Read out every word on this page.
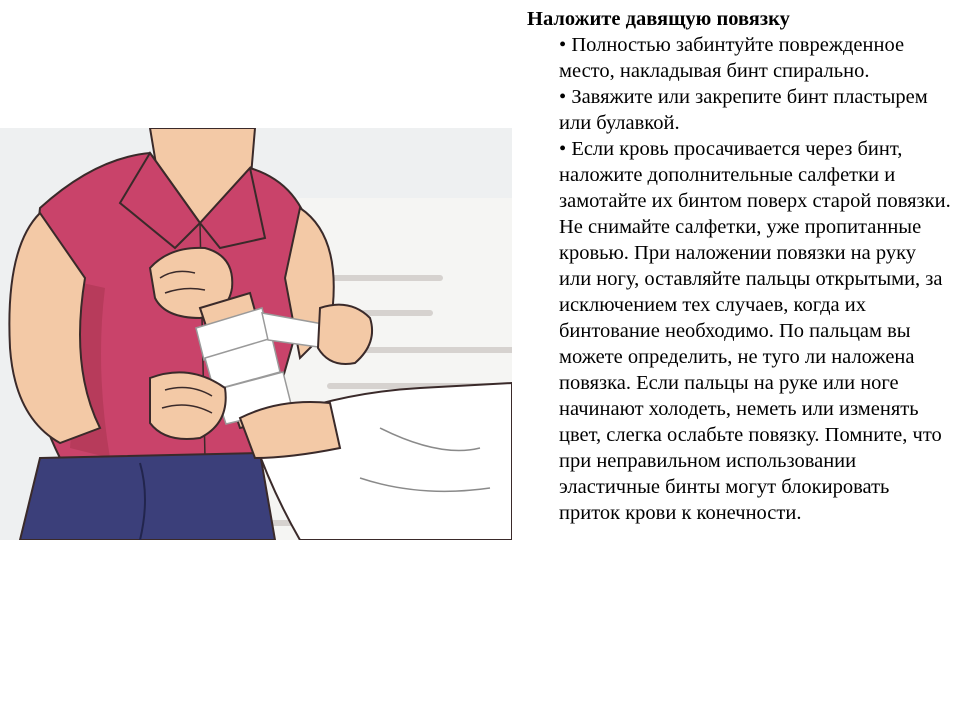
Наложите давящую повязку

• Полностью забинтуйте поврежденное место, накладывая бинт спирально.
• Завяжите или закрепите бинт пластырем или булавкой.
• Если кровь просачивается через бинт, наложите дополнительные салфетки и замотайте их бинтом поверх старой повязки. Не снимайте салфетки, уже пропитанные кровью. При наложении повязки на руку или ногу, оставляйте пальцы открытыми, за исключением тех случаев, когда их бинтование необходимо. По пальцам вы можете определить, не туго ли наложена повязка. Если пальцы на руке или ноге начинают холодеть, неметь или изменять цвет, слегка ослабьте повязку. Помните, что при неправильном использовании эластичные бинты могут блокировать приток крови к конечности.
